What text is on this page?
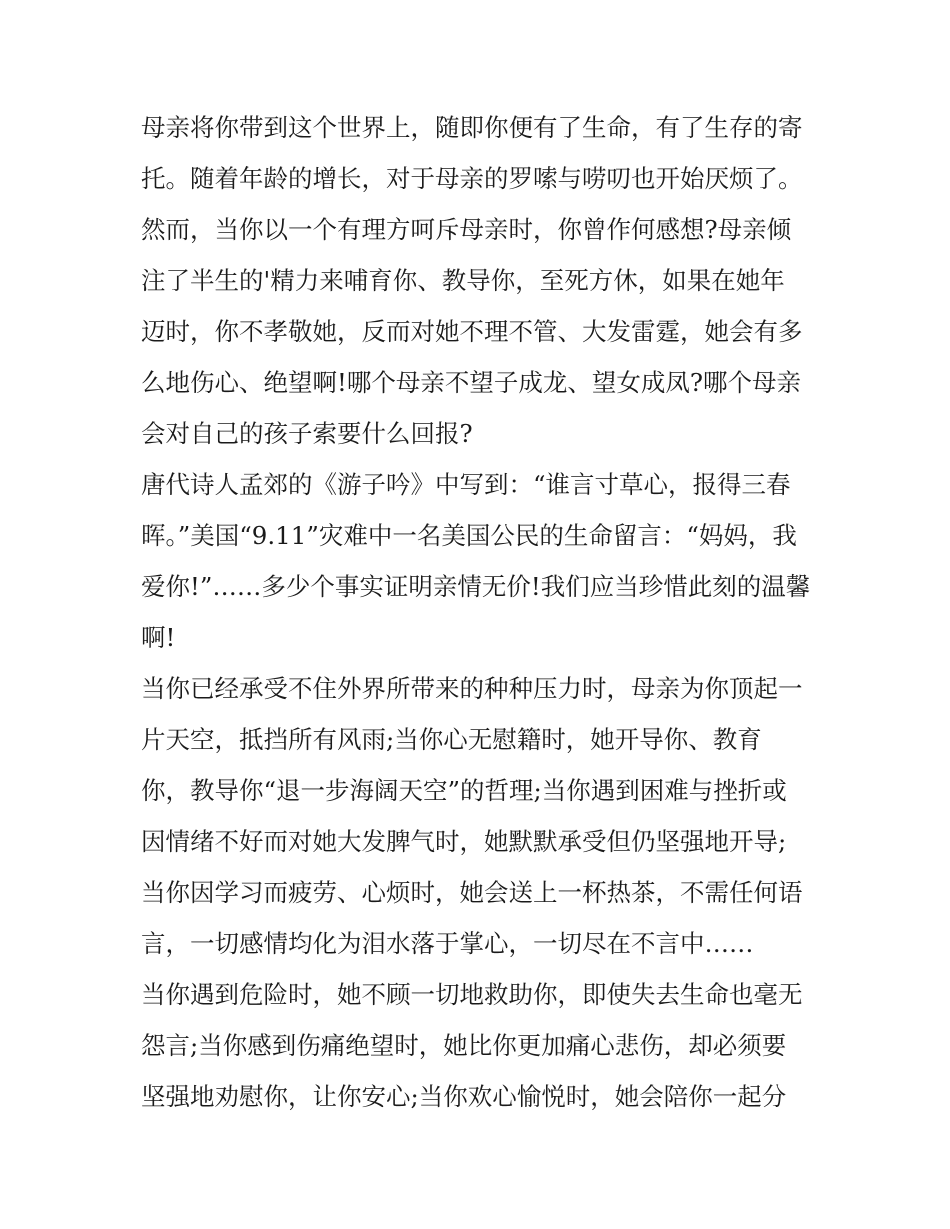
母亲将你带到这个世界上，随即你便有了生命，有了生存的寄
托。随着年龄的增长，对于母亲的罗嗦与唠叨也开始厌烦了。
然而，当你以一个有理方呵斥母亲时，你曾作何感想?母亲倾
注了半生的'精力来哺育你、教导你，至死方休，如果在她年
迈时，你不孝敬她，反而对她不理不管、大发雷霆，她会有多
么地伤心、绝望啊!哪个母亲不望子成龙、望女成凤?哪个母亲
会对自己的孩子索要什么回报?
唐代诗人孟郊的《游子吟》中写到：“谁言寸草心，报得三春
晖。”美国“9.11”灾难中一名美国公民的生命留言：“妈妈，我
爱你!”……多少个事实证明亲情无价!我们应当珍惜此刻的温馨
啊!
当你已经承受不住外界所带来的种种压力时，母亲为你顶起一
片天空，抵挡所有风雨;当你心无慰籍时，她开导你、教育
你，教导你“退一步海阔天空”的哲理;当你遇到困难与挫折或
因情绪不好而对她大发脾气时，她默默承受但仍坚强地开导;
当你因学习而疲劳、心烦时，她会送上一杯热茶，不需任何语
言，一切感情均化为泪水落于掌心，一切尽在不言中……
当你遇到危险时，她不顾一切地救助你，即使失去生命也毫无
怨言;当你感到伤痛绝望时，她比你更加痛心悲伤，却必须要
坚强地劝慰你，让你安心;当你欢心愉悦时，她会陪你一起分
